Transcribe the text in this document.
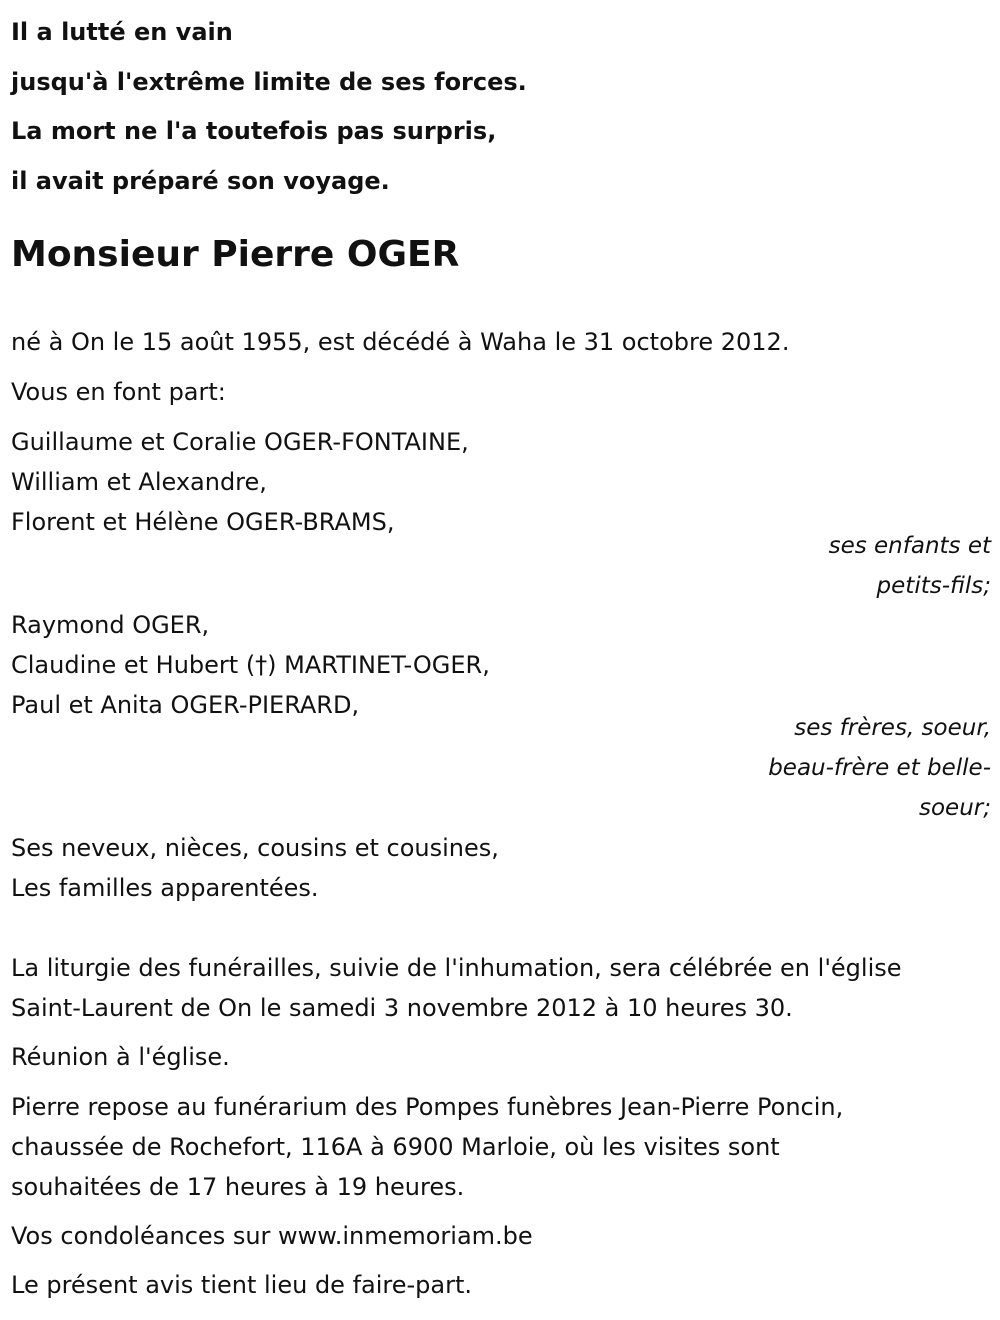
Il a lutté en vain
jusqu'à l'extrême limite de ses forces.
La mort ne l'a toutefois pas surpris,
il avait préparé son voyage.
Monsieur Pierre OGER
né à On le 15 août 1955, est décédé à Waha le 31 octobre 2012.
Vous en font part:
Guillaume et Coralie OGER-FONTAINE,
William et Alexandre,
Florent et Hélène OGER-BRAMS,
ses enfants et
petits-fils;
Raymond OGER,
Claudine et Hubert (†) MARTINET-OGER,
Paul et Anita OGER-PIERARD,
ses frères, soeur,
beau-frère et belle-
soeur;
Ses neveux, nièces, cousins et cousines,
Les familles apparentées.
La liturgie des funérailles, suivie de l'inhumation, sera célébrée en l'église
Saint-Laurent de On le samedi 3 novembre 2012 à 10 heures 30.
Réunion à l'église.
Pierre repose au funérarium des Pompes funèbres Jean-Pierre Poncin,
chaussée de Rochefort, 116A à 6900 Marloie, où les visites sont
souhaitées de 17 heures à 19 heures.
Vos condoléances sur www.inmemoriam.be
Le présent avis tient lieu de faire-part.
